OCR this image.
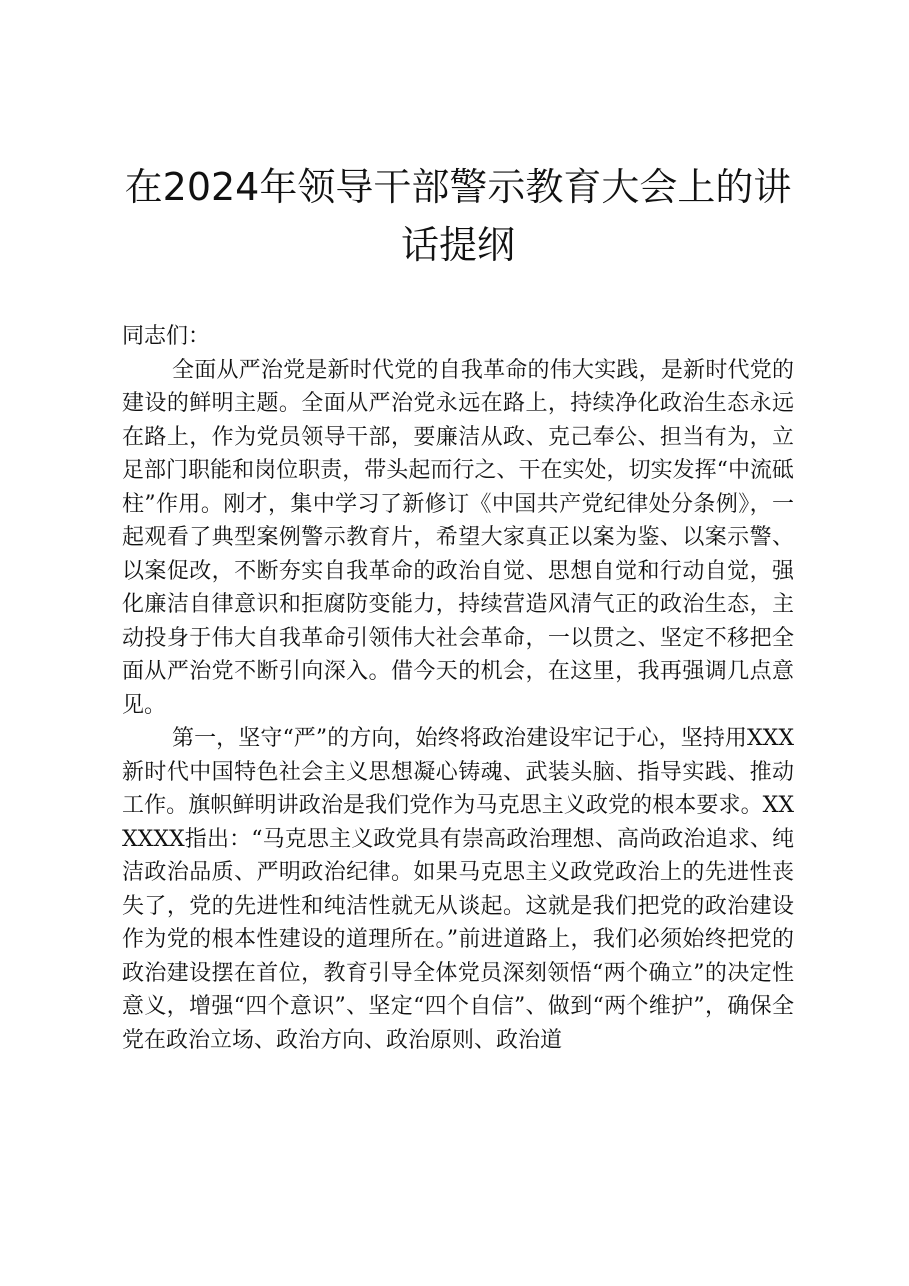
在2024年领导干部警示教育大会上的讲话提纲

同志们：

全面从严治党是新时代党的自我革命的伟大实践，是新时代党的建设的鲜明主题。全面从严治党永远在路上，持续净化政治生态永远在路上，作为党员领导干部，要廉洁从政、克己奉公、担当有为，立足部门职能和岗位职责，带头起而行之、干在实处，切实发挥“中流砥柱”作用。刚才，集中学习了新修订《中国共产党纪律处分条例》，一起观看了典型案例警示教育片，希望大家真正以案为鉴、以案示警、以案促改，不断夯实自我革命的政治自觉、思想自觉和行动自觉，强化廉洁自律意识和拒腐防变能力，持续营造风清气正的政治生态，主动投身于伟大自我革命引领伟大社会革命，一以贯之、坚定不移把全面从严治党不断引向深入。借今天的机会，在这里，我再强调几点意见。

第一，坚守“严”的方向，始终将政治建设牢记于心，坚持用XXX新时代中国特色社会主义思想凝心铸魂、武装头脑、指导实践、推动工作。旗帜鲜明讲政治是我们党作为马克思主义政党的根本要求。XXXXXX指出：“马克思主义政党具有崇高政治理想、高尚政治追求、纯洁政治品质、严明政治纪律。如果马克思主义政党政治上的先进性丧失了，党的先进性和纯洁性就无从谈起。这就是我们把党的政治建设作为党的根本性建设的道理所在。”前进道路上，我们必须始终把党的政治建设摆在首位，教育引导全体党员深刻领悟“两个确立”的决定性意义，增强“四个意识”、坚定“四个自信”、做到“两个维护”，确保全党在政治立场、政治方向、政治原则、政治道
